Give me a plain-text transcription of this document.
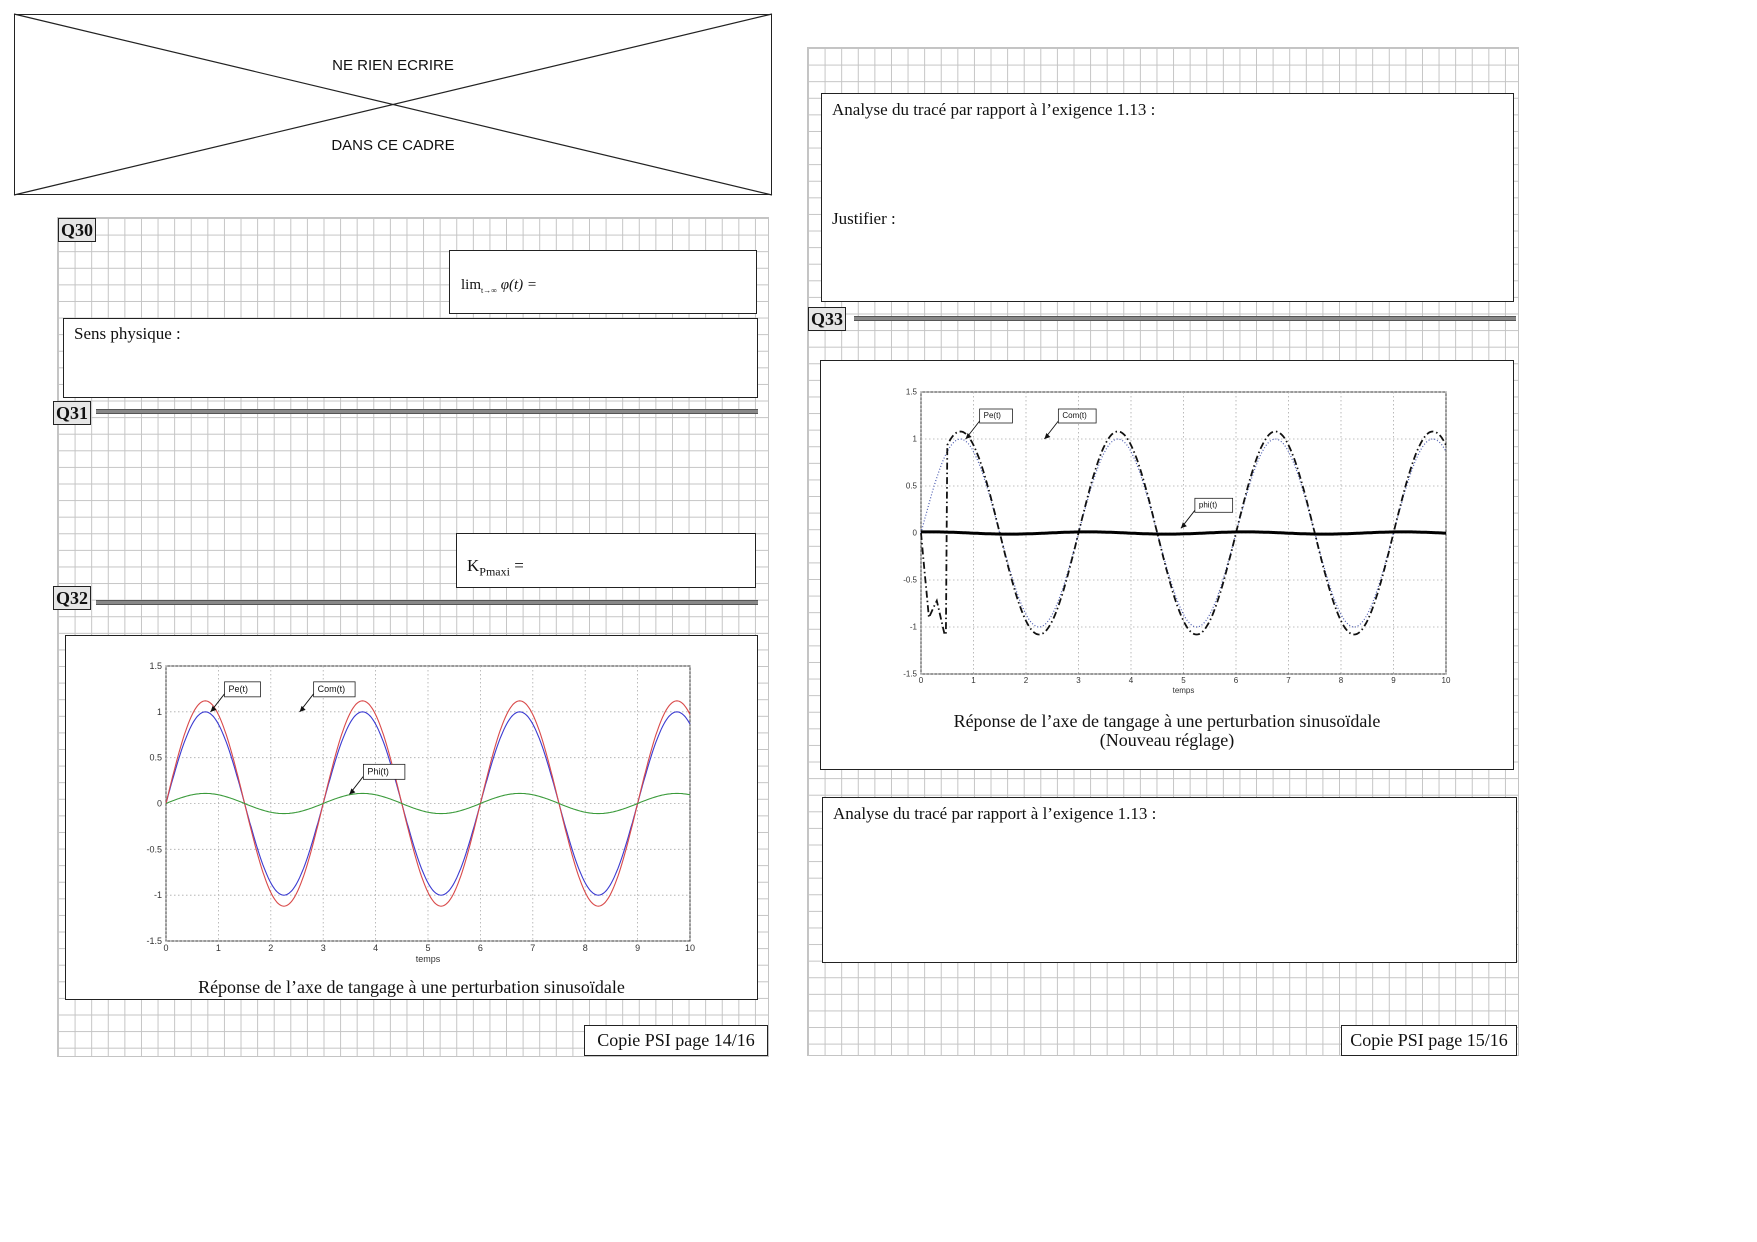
NE RIEN ECRIRE
DANS CE CADRE
Q30
$\lim_{t\to\infty} \varphi(t)$ =
Sens physique :
Q31
$K_{Pmaxi}$ =
Q32
0	1	2	3	4	5	6	7	8	9	10
1.5
1
0.5
0
-0.5
-1
-1.5
temps
Pe(t)	Com(t)
Phi(t)
Réponse de l’axe de tangage à une perturbation sinusoïdale
Copie PSI page 14/16
Analyse du tracé par rapport à l’exigence 1.13 :
Justifier :
Q33
0	1	2	3	4	5	6	7	8	9	10
1.5
1
0.5
0
-0.5
-1
-1.5
temps
Pe(t)	Com(t)
phi(t)
Réponse de l’axe de tangage à une perturbation sinusoïdale
(Nouveau réglage)
Analyse du tracé par rapport à l’exigence 1.13 :
Copie PSI page 15/16
